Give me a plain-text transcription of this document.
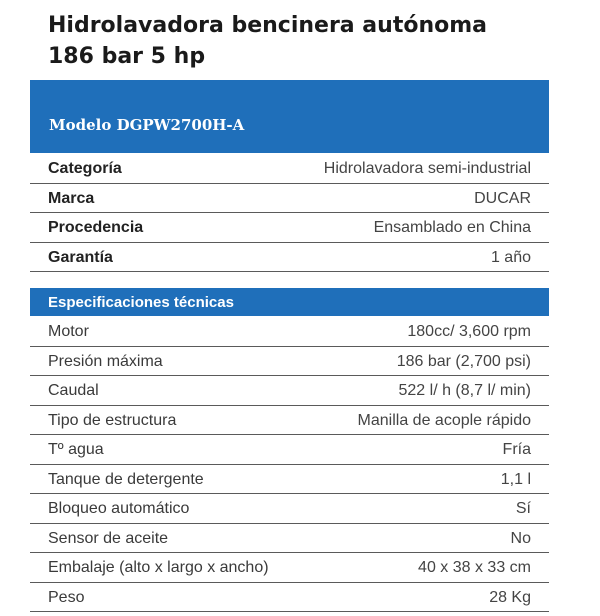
Hidrolavadora bencinera autónoma
186 bar 5 hp
Modelo DGPW2700H-A
Categoría	Hidrolavadora semi-industrial
Marca	DUCAR
Procedencia	Ensamblado en China
Garantía	1 año
Especificaciones técnicas
Motor	180cc/ 3,600 rpm
Presión máxima	186 bar (2,700 psi)
Caudal	522 l/ h (8,7 l/ min)
Tipo de estructura	Manilla de acople rápido
Tº agua	Fría
Tanque de detergente	1,1 l
Bloqueo automático	Sí
Sensor de aceite	No
Embalaje (alto x largo x ancho)	40 x 38 x 33 cm
Peso	28 Kg
